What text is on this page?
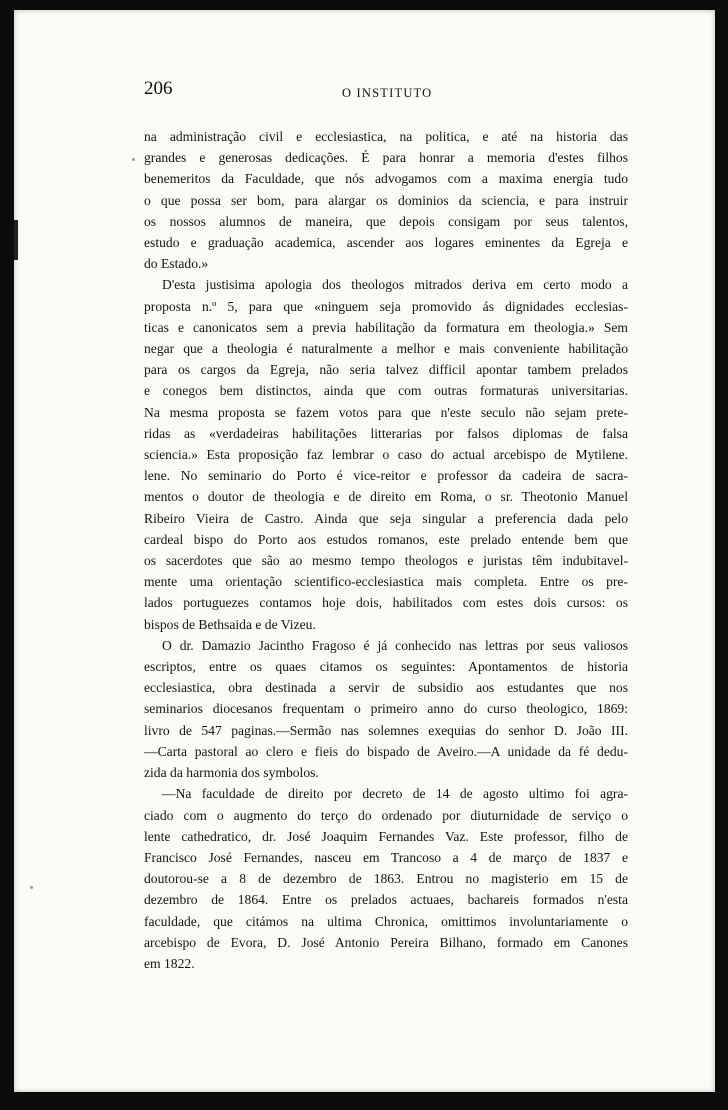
206	O INSTITUTO
na administração civil e ecclesiastica, na politica, e até na historia das
grandes e generosas dedicações. É para honrar a memoria d'estes filhos
benemeritos da Faculdade, que nós advogamos com a maxima energia tudo
o que possa ser bom, para alargar os dominios da sciencia, e para instruir
os nossos alumnos de maneira, que depois consigam por seus talentos,
estudo e graduação academica, ascender aos logares eminentes da Egreja e
do Estado.»
D'esta justisima apologia dos theologos mitrados deriva em certo modo a
proposta n.º 5, para que «ninguem seja promovido ás dignidades ecclesias-
ticas e canonicatos sem a previa habilitação da formatura em theologia.» Sem
negar que a theologia é naturalmente a melhor e mais conveniente habilitação
para os cargos da Egreja, não seria talvez difficil apontar tambem prelados
e conegos bem distinctos, ainda que com outras formaturas universitarias.
Na mesma proposta se fazem votos para que n'este seculo não sejam prete-
ridas as «verdadeiras habilitações litterarias por falsos diplomas de falsa
sciencia.» Esta proposição faz lembrar o caso do actual arcebispo de Mytilene.
lene. No seminario do Porto é vice-reitor e professor da cadeira de sacra-
mentos o doutor de theologia e de direito em Roma, o sr. Theotonio Manuel
Ribeiro Vieira de Castro. Ainda que seja singular a preferencia dada pelo
cardeal bispo do Porto aos estudos romanos, este prelado entende bem que
os sacerdotes que são ao mesmo tempo theologos e juristas têm indubitavel-
mente uma orientação scientifico-ecclesiastica mais completa. Entre os pre-
lados portuguezes contamos hoje dois, habilitados com estes dois cursos: os
bispos de Bethsaida e de Vizeu.
O dr. Damazio Jacintho Fragoso é já conhecido nas lettras por seus valiosos
escriptos, entre os quaes citamos os seguintes: Apontamentos de historia
ecclesiastica, obra destinada a servir de subsidio aos estudantes que nos
seminarios diocesanos frequentam o primeiro anno do curso theologico, 1869:
livro de 547 paginas.—Sermão nas solemnes exequias do senhor D. João III.
—Carta pastoral ao clero e fieis do bispado de Aveiro.—A unidade da fé dedu-
zida da harmonia dos symbolos.
—Na faculdade de direito por decreto de 14 de agosto ultimo foi agra-
ciado com o augmento do terço do ordenado por diuturnidade de serviço o
lente cathedratico, dr. José Joaquim Fernandes Vaz. Este professor, filho de
Francisco José Fernandes, nasceu em Trancoso a 4 de março de 1837 e
doutorou-se a 8 de dezembro de 1863. Entrou no magisterio em 15 de
dezembro de 1864. Entre os prelados actuaes, bachareis formados n'esta
faculdade, que citámos na ultima Chronica, omittimos involuntariamente o
arcebispo de Evora, D. José Antonio Pereira Bilhano, formado em Canones
em 1822.
